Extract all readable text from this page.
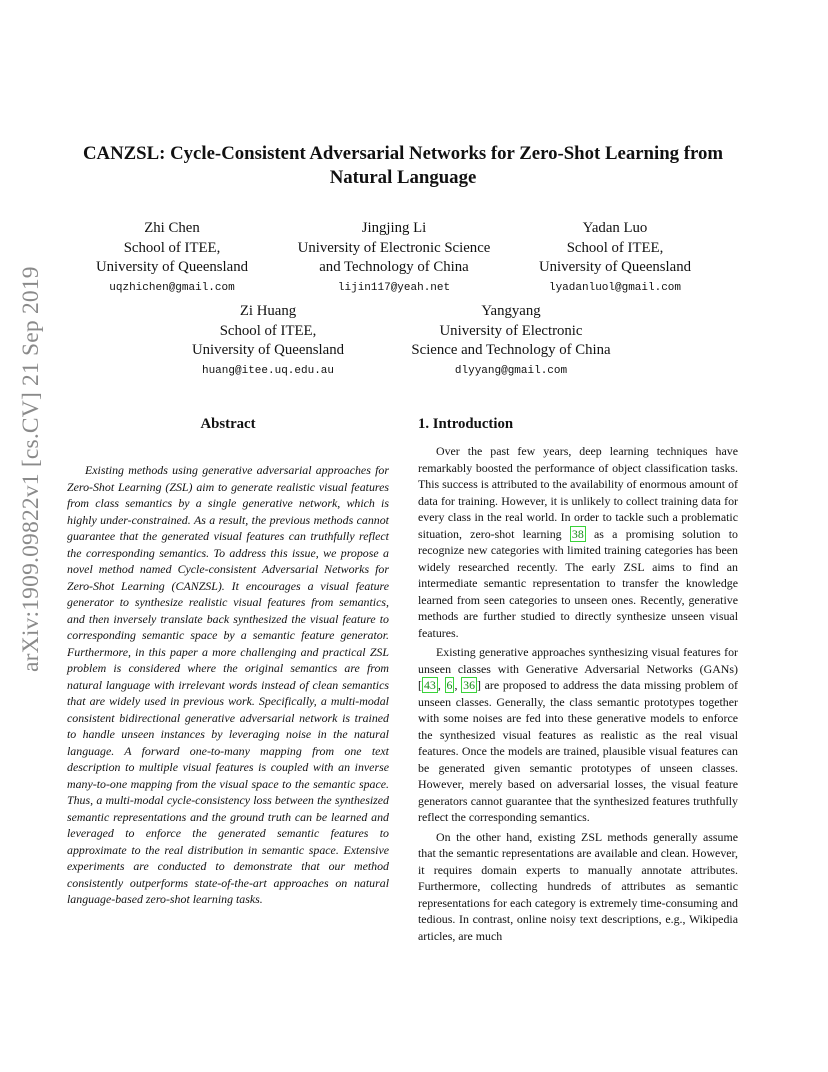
arXiv:1909.09822v1 [cs.CV] 21 Sep 2019
CANZSL: Cycle-Consistent Adversarial Networks for Zero-Shot Learning from Natural Language
Zhi Chen
School of ITEE,
University of Queensland
uqzhichen@gmail.com
Jingjing Li
University of Electronic Science
and Technology of China
lijin117@yeah.net
Yadan Luo
School of ITEE,
University of Queensland
lyadanluol@gmail.com
Zi Huang
School of ITEE,
University of Queensland
huang@itee.uq.edu.au
Yangyang
University of Electronic
Science and Technology of China
dlyyang@gmail.com
Abstract

Existing methods using generative adversarial approaches for Zero-Shot Learning (ZSL) aim to generate realistic visual features from class semantics by a single generative network, which is highly under-constrained. As a result, the previous methods cannot guarantee that the generated visual features can truthfully reflect the corresponding semantics. To address this issue, we propose a novel method named Cycle-consistent Adversarial Networks for Zero-Shot Learning (CANZSL). It encourages a visual feature generator to synthesize realistic visual features from semantics, and then inversely translate back synthesized the visual feature to corresponding semantic space by a semantic feature generator. Furthermore, in this paper a more challenging and practical ZSL problem is considered where the original semantics are from natural language with irrelevant words instead of clean semantics that are widely used in previous work. Specifically, a multi-modal consistent bidirectional generative adversarial network is trained to handle unseen instances by leveraging noise in the natural language. A forward one-to-many mapping from one text description to multiple visual features is coupled with an inverse many-to-one mapping from the visual space to the semantic space. Thus, a multi-modal cycle-consistency loss between the synthesized semantic representations and the ground truth can be learned and leveraged to enforce the generated semantic features to approximate to the real distribution in semantic space. Extensive experiments are conducted to demonstrate that our method consistently outperforms state-of-the-art approaches on natural language-based zero-shot learning tasks.

1. Introduction

Over the past few years, deep learning techniques have remarkably boosted the performance of object classification tasks. This success is attributed to the availability of enormous amount of data for training. However, it is unlikely to collect training data for every class in the real world. In order to tackle such a problematic situation, zero-shot learning 38 as a promising solution to recognize new categories with limited training categories has been widely researched recently. The early ZSL aims to find an intermediate semantic representation to transfer the knowledge learned from seen categories to unseen ones. Recently, generative methods are further studied to directly synthesize unseen visual features.

Existing generative approaches synthesizing visual features for unseen classes with Generative Adversarial Networks (GANs) [ 43 , 6 , 36 ] are proposed to address the data missing problem of unseen classes. Generally, the class semantic prototypes together with some noises are fed into these generative models to enforce the synthesized visual features as realistic as the real visual features. Once the models are trained, plausible visual features can be generated given semantic prototypes of unseen classes. However, merely based on adversarial losses, the visual feature generators cannot guarantee that the synthesized features truthfully reflect the corresponding semantics.

On the other hand, existing ZSL methods generally assume that the semantic representations are available and clean. However, it requires domain experts to manually annotate attributes. Furthermore, collecting hundreds of attributes as semantic representations for each category is extremely time-consuming and tedious. In contrast, online noisy text descriptions, e.g., Wikipedia articles, are much
